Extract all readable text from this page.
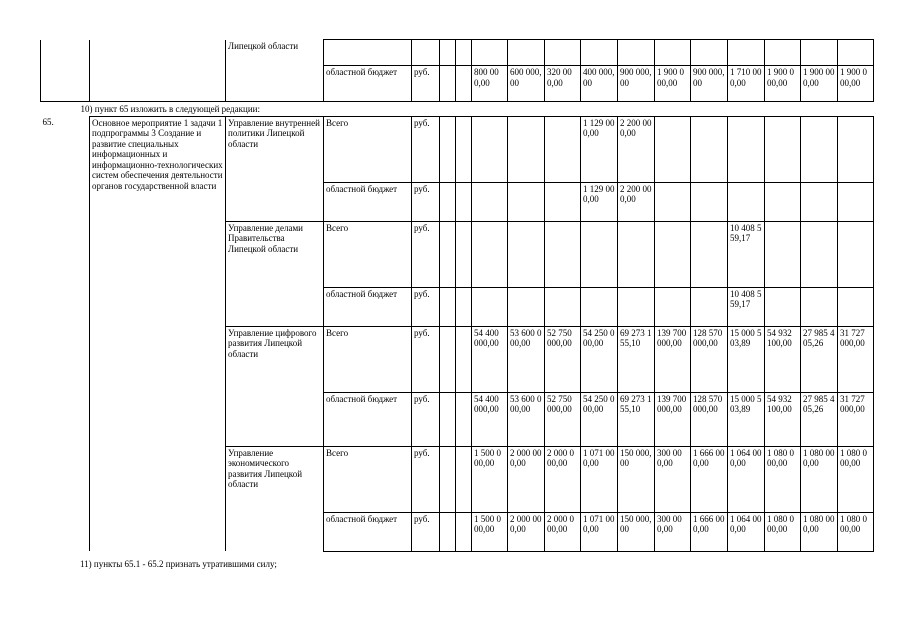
		Липецкой области															
			областной бюджет	руб.			800 000,00	600 000,00	320 000,00	400 000,00	900 000,00	1 900 000,00	900 000,00	1 710 000,00	1 900 000,00	1 900 000,00	1 900 000,00
10) пункт 65 изложить в следующей редакции:																	
65.	Основное мероприятие 1 задачи 1 подпрограммы 3 Создание и развитие специальных информационных и информационно-технологических систем обеспечения деятельности органов государственной власти	Управление внутренней политики Липецкой области	Всего	руб.						1 129 000,00	2 200 000,00						
			областной бюджет	руб.						1 129 000,00	2 200 000,00						
		Управление делами Правительства Липецкой области	Всего	руб.										10 408 559,17			
			областной бюджет	руб.										10 408 559,17			
		Управление цифрового развития Липецкой области	Всего	руб.			54 400 000,00	53 600 000,00	52 750 000,00	54 250 000,00	69 273 155,10	139 700 000,00	128 570 000,00	15 000 503,89	54 932 100,00	27 985 405,26	31 727 000,00
			областной бюджет	руб.			54 400 000,00	53 600 000,00	52 750 000,00	54 250 000,00	69 273 155,10	139 700 000,00	128 570 000,00	15 000 503,89	54 932 100,00	27 985 405,26	31 727 000,00
		Управление экономического развития Липецкой области	Всего	руб.			1 500 000,00	2 000 000,00	2 000 000,00	1 071 000,00	150 000,00	300 000,00	1 666 000,00	1 064 000,00	1 080 000,00	1 080 000,00	1 080 000,00
			областной бюджет	руб.			1 500 000,00	2 000 000,00	2 000 000,00	1 071 000,00	150 000,00	300 000,00	1 666 000,00	1 064 000,00	1 080 000,00	1 080 000,00	1 080 000,00
11) пункты 65.1 - 65.2 признать утратившими силу;
